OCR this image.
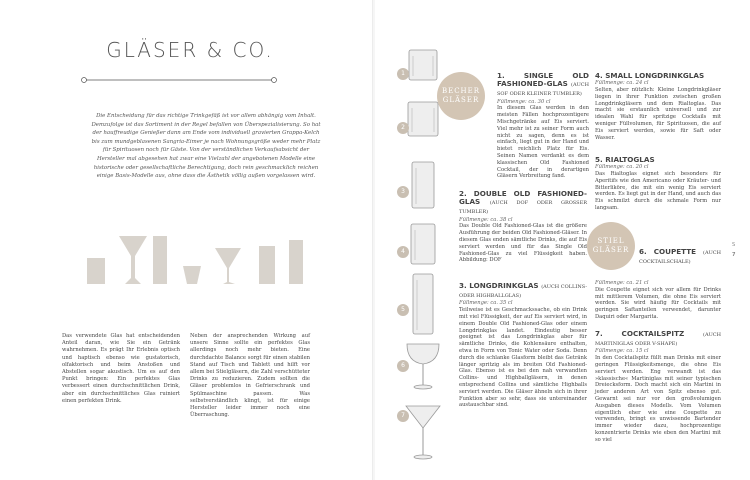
GLÄSER & CO.
Die Entscheidung für das richtige Trinkgefäß ist vor allem abhängig vom Inhalt. Demzufolge ist das Sortiment in der Regel befallen von Überspezialisierung. So hat der hauffreudige Genießer dann am Ende vom individuell gravierten Grappa-Kelch bis zum mundgeblasenen Sangria-Eimer je nach Wohnungsgröße weder mehr Platz für Spirituosen noch für Gäste. Von der verständlichen Verkaufsabsicht der Hersteller mal abgesehen hat zwar eine Vielzahl der angebotenen Modelle eine historische oder gesellschaftliche Berechtigung, doch rein geschmacklich reichen einige Basis-Modelle aus, ohne dass die Ästhetik völlig außen vorgelassen wird.
Das verwendete Glas hat entscheidenden Anteil daran, wie Sie ein Getränk wahrnehmen. Es prägt Ihr Erlebnis optisch und haptisch ebenso wie gustatorisch, olfaktorisch und beim Anstoßen und Abstellen sogar akustisch. Um es auf den Punkt bringen: Ein perfektes Glas verbessert einen durchschnittlichen Drink, aber ein durchschnittliches Glas ruiniert einen perfekten Drink.
Neben der ansprechenden Wirkung auf unsere Sinne sollte ein perfektes Glas allerdings noch mehr bieten. Eine durchdachte Balance sorgt für einen stabilen Stand auf Tisch und Tablett und hilft vor allem bei Stielgläsern, die Zahl verschütteter Drinks zu reduzieren. Zudem sollten die Gläser problemlos in Gefrierschrank und Spülmaschine passen. Was selbstverständlich klingt, ist für einige Hersteller leider immer noch eine Überraschung.
1
2
3
4
5
6
7
BECHER GLÄSER
STIEL GLÄSER
1. SINGLE OLD FASHIONED-GLAS (AUCH SOF ODER KLEINER TUMBLER)

Füllmenge: ca. 30 cl

In diesem Glas werden in den meisten Fällen hochprozentigere Mischgetränke auf Eis serviert. Viel mehr ist zu seiner Form auch nicht zu sagen, denn es ist einfach, liegt gut in der Hand und bietet reichlich Platz für Eis. Seinen Namen verdankt es dem klassischen Old Fashioned Cocktail, der in derartigen Gläsern Verbreitung fand.

2. DOUBLE OLD FASHIONED-GLAS (AUCH DOF ODER GROSSER TUMBLER)

Füllmenge: ca. 38 cl

Das Double Old Fashioned-Glas ist die größere Ausführung der beiden Old Fashioned-Gläser. In diesem Glas enden sämtliche Drinks, die auf Eis serviert werden und für das Single Old Fashioned-Glas zu viel Flüssigkeit haben. Abbildung: DOF

3. LONGDRINKGLAS (AUCH COLLINS- ODER HIGHBALLGLAS)

Füllmenge: ca. 35 cl

Teilweise ist es Geschmackssache, ob ein Drink mit viel Flüssigkeit, der auf Eis serviert wird, in einem Double Old Fashioned-Glas oder einem Longdrinkglas landet. Eindeutig besser geeignet ist das Longdrinkglas aber für sämtliche Drinks, die Kohlensäure enthalten, etwa in Form von Tonic Water oder Soda. Denn durch die schlanke Glasform bleibt das Getränk länger spritzig als im breiten Old Fashioned-Glas. Ebenso ist es bei den nah verwandten Collins- und Highballgläsern, in denen entsprechend Collins und sämtliche Highballs serviert werden. Die Gläser ähneln sich in ihrer Funktion aber so sehr, dass sie untereinander austauschbar sind.

4. SMALL LONGDRINKGLAS

Füllmenge: ca. 24 cl

Selten, aber nützlich: Kleine Longdrinkgläser liegen in ihrer Funktion zwischen großen Longdrinkgläsern und dem Rialtoglas. Das macht sie erstaunlich universell und zur idealen Wahl für spritzige Cocktails mit weniger Füllvolumen, für Spirituosen, die auf Eis serviert werden, sowie für Saft oder Wasser.

5. RIALTOGLAS

Füllmenge: ca. 20 cl

Das Rialtoglas eignet sich besonders für Aperitifs wie den Americano oder Kräuter- und Bitterliköre, die mit ein wenig Eis serviert werden. Es liegt gut in der Hand, und auch das Eis schmilzt durch die schmale Form nur langsam.

6. COUPETTE (AUCH COCKTAILSCHALE)

Füllmenge: ca. 21 cl

Die Coupette eignet sich vor allem für Drinks mit mittlerem Volumen, die ohne Eis serviert werden. Sie wird häufig für Cocktails mit geringen Saftanteilen verwendet, darunter Daquiri oder Margarita.

7. COCKTAILSPITZ	(AUCH MARTINIGLAS ODER V-SHAPE)

Füllmenge: ca. 15 cl

In den Cocktailspitz füllt man Drinks mit einer geringen Flüssigkeitsmenge, die ohne Eis serviert werden. Eng verwandt ist das »klassische« Martiniglas mit seiner typischen Dreiecksform. Doch macht sich ein Martini in jeder anderen Art von Spitz ebenso gut. Gewarnt sei nur vor den großvolumigen Ausgaben dieses Modells. Vom Volumen eigentlich eher wie eine Coupette zu verwenden, bringt es unwissende Bartender immer wieder dazu, hochprozentige konzentrierte Drinks wie eben den Martini mit so viel

S
7
